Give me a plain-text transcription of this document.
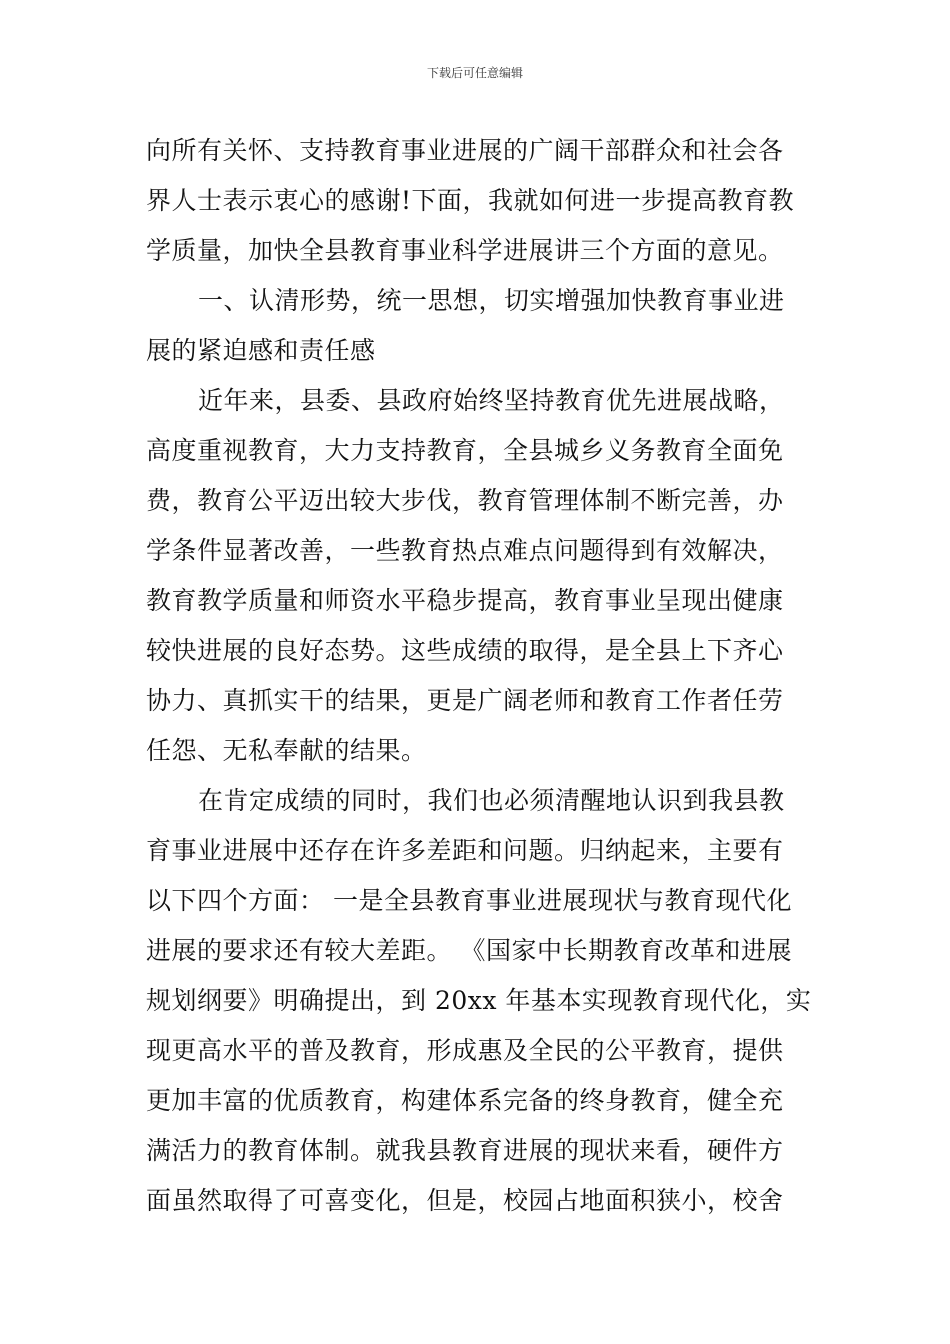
下载后可任意编辑
向所有关怀、支持教育事业进展的广阔干部群众和社会各
界人士表示衷心的感谢!下面，我就如何进一步提高教育教
学质量，加快全县教育事业科学进展讲三个方面的意见。
一、认清形势，统一思想，切实增强加快教育事业进
展的紧迫感和责任感
近年来，县委、县政府始终坚持教育优先进展战略，
高度重视教育，大力支持教育，全县城乡义务教育全面免
费，教育公平迈出较大步伐，教育管理体制不断完善，办
学条件显著改善，一些教育热点难点问题得到有效解决，
教育教学质量和师资水平稳步提高，教育事业呈现出健康
较快进展的良好态势。这些成绩的取得，是全县上下齐心
协力、真抓实干的结果，更是广阔老师和教育工作者任劳
任怨、无私奉献的结果。
在肯定成绩的同时，我们也必须清醒地认识到我县教
育事业进展中还存在许多差距和问题。归纳起来，主要有
以下四个方面： 一是全县教育事业进展现状与教育现代化
进展的要求还有较大差距。 《国家中长期教育改革和进展
规划纲要》明确提出，到 20xx 年基本实现教育现代化，实
现更高水平的普及教育，形成惠及全民的公平教育，提供
更加丰富的优质教育，构建体系完备的终身教育，健全充
满活力的教育体制。就我县教育进展的现状来看，硬件方
面虽然取得了可喜变化，但是，校园占地面积狭小，校舍
